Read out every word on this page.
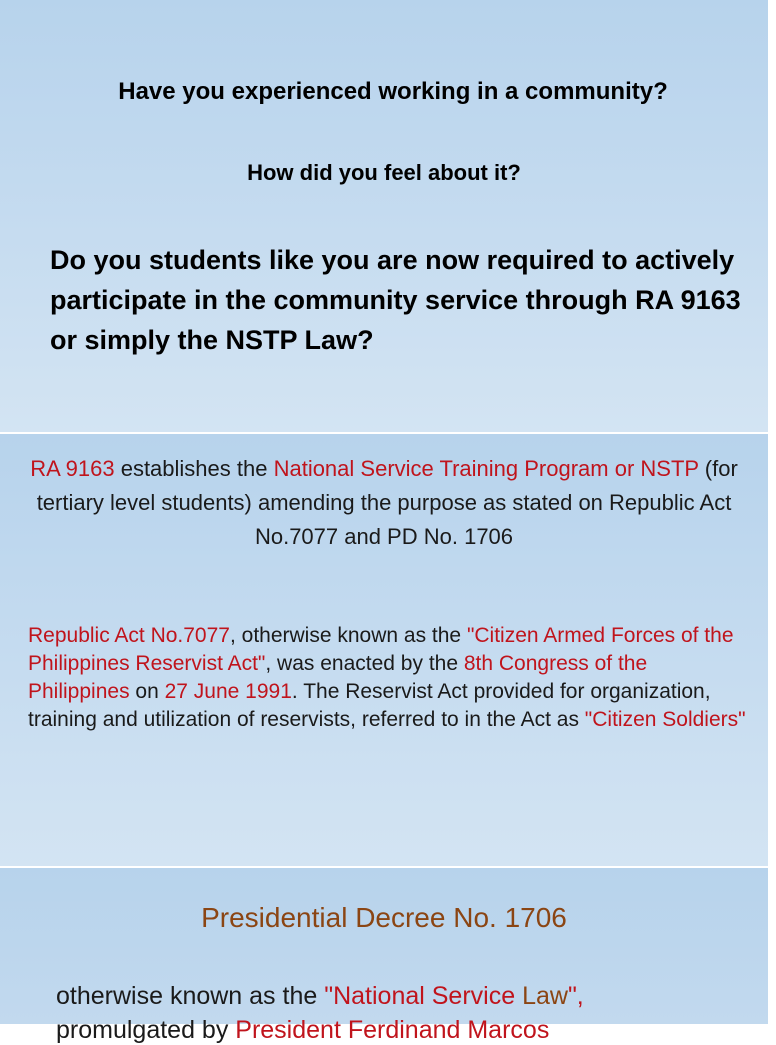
Have you experienced working in a community?
How did you feel about it?
Do you students like you are now required to actively participate in the community service through RA 9163 or simply the NSTP Law?
RA 9163 establishes the National Service Training Program or NSTP (for tertiary level students) amending the purpose as stated on Republic Act No.7077 and PD No. 1706
Republic Act No.7077, otherwise known as the "Citizen Armed Forces of the Philippines Reservist Act", was enacted by the 8th Congress of the Philippines on 27 June 1991. The Reservist Act provided for organization, training and utilization of reservists, referred to in the Act as "Citizen Soldiers"
Presidential Decree No. 1706
otherwise known as the "National Service Law",
promulgated by President Ferdinand Marcos
